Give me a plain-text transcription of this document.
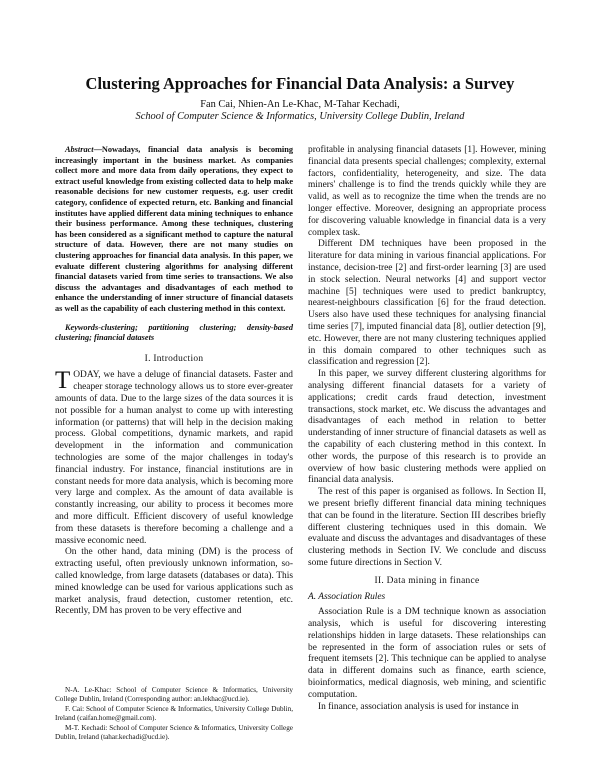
Clustering Approaches for Financial Data Analysis: a Survey
Fan Cai, Nhien-An Le-Khac, M-Tahar Kechadi,
School of Computer Science & Informatics, University College Dublin, Ireland

Abstract—Nowadays, financial data analysis is becoming increasingly important in the business market. As companies collect more and more data from daily operations, they expect to extract useful knowledge from existing collected data to help make reasonable decisions for new customer requests, e.g. user credit category, confidence of expected return, etc. Banking and financial institutes have applied different data mining techniques to enhance their business performance. Among these techniques, clustering has been considered as a significant method to capture the natural structure of data. However, there are not many studies on clustering approaches for financial data analysis. In this paper, we evaluate different clustering algorithms for analysing different financial datasets varied from time series to transactions. We also discuss the advantages and disadvantages of each method to enhance the understanding of inner structure of financial datasets as well as the capability of each clustering method in this context.

Keywords-clustering; partitioning clustering; density-based clustering; financial datasets

I. Introduction

TODAY, we have a deluge of financial datasets. Faster and cheaper storage technology allows us to store ever-greater amounts of data. Due to the large sizes of the data sources it is not possible for a human analyst to come up with interesting information (or patterns) that will help in the decision making process. Global competitions, dynamic markets, and rapid development in the information and communication technologies are some of the major challenges in today's financial industry. For instance, financial institutions are in constant needs for more data analysis, which is becoming more very large and complex. As the amount of data available is constantly increasing, our ability to process it becomes more and more difficult. Efficient discovery of useful knowledge from these datasets is therefore becoming a challenge and a massive economic need.

On the other hand, data mining (DM) is the process of extracting useful, often previously unknown information, so-called knowledge, from large datasets (databases or data). This mined knowledge can be used for various applications such as market analysis, fraud detection, customer retention, etc. Recently, DM has proven to be very effective and

N-A. Le-Khac: School of Computer Science & Informatics, University College Dublin, Ireland (Corresponding author: an.lekhac@ucd.ie).

F. Cai: School of Computer Science & Informatics, University College Dublin, Ireland (caifan.home@gmail.com).

M-T. Kechadi: School of Computer Science & Informatics, University College Dublin, Ireland (tahar.kechadi@ucd.ie).

profitable in analysing financial datasets [1]. However, mining financial data presents special challenges; complexity, external factors, confidentiality, heterogeneity, and size. The data miners' challenge is to find the trends quickly while they are valid, as well as to recognize the time when the trends are no longer effective. Moreover, designing an appropriate process for discovering valuable knowledge in financial data is a very complex task.

Different DM techniques have been proposed in the literature for data mining in various financial applications. For instance, decision-tree [2] and first-order learning [3] are used in stock selection. Neural networks [4] and support vector machine [5] techniques were used to predict bankruptcy, nearest-neighbours classification [6] for the fraud detection. Users also have used these techniques for analysing financial time series [7], imputed financial data [8], outlier detection [9], etc. However, there are not many clustering techniques applied in this domain compared to other techniques such as classification and regression [2].

In this paper, we survey different clustering algorithms for analysing different financial datasets for a variety of applications; credit cards fraud detection, investment transactions, stock market, etc. We discuss the advantages and disadvantages of each method in relation to better understanding of inner structure of financial datasets as well as the capability of each clustering method in this context. In other words, the purpose of this research is to provide an overview of how basic clustering methods were applied on financial data analysis.

The rest of this paper is organised as follows. In Section II, we present briefly different financial data mining techniques that can be found in the literature. Section III describes briefly different clustering techniques used in this domain. We evaluate and discuss the advantages and disadvantages of these clustering methods in Section IV. We conclude and discuss some future directions in Section V.

II. Data mining in finance
A. Association Rules

Association Rule is a DM technique known as association analysis, which is useful for discovering interesting relationships hidden in large datasets. These relationships can be represented in the form of association rules or sets of frequent itemsets [2]. This technique can be applied to analyse data in different domains such as finance, earth science, bioinformatics, medical diagnosis, web mining, and scientific computation.

In finance, association analysis is used for instance in
